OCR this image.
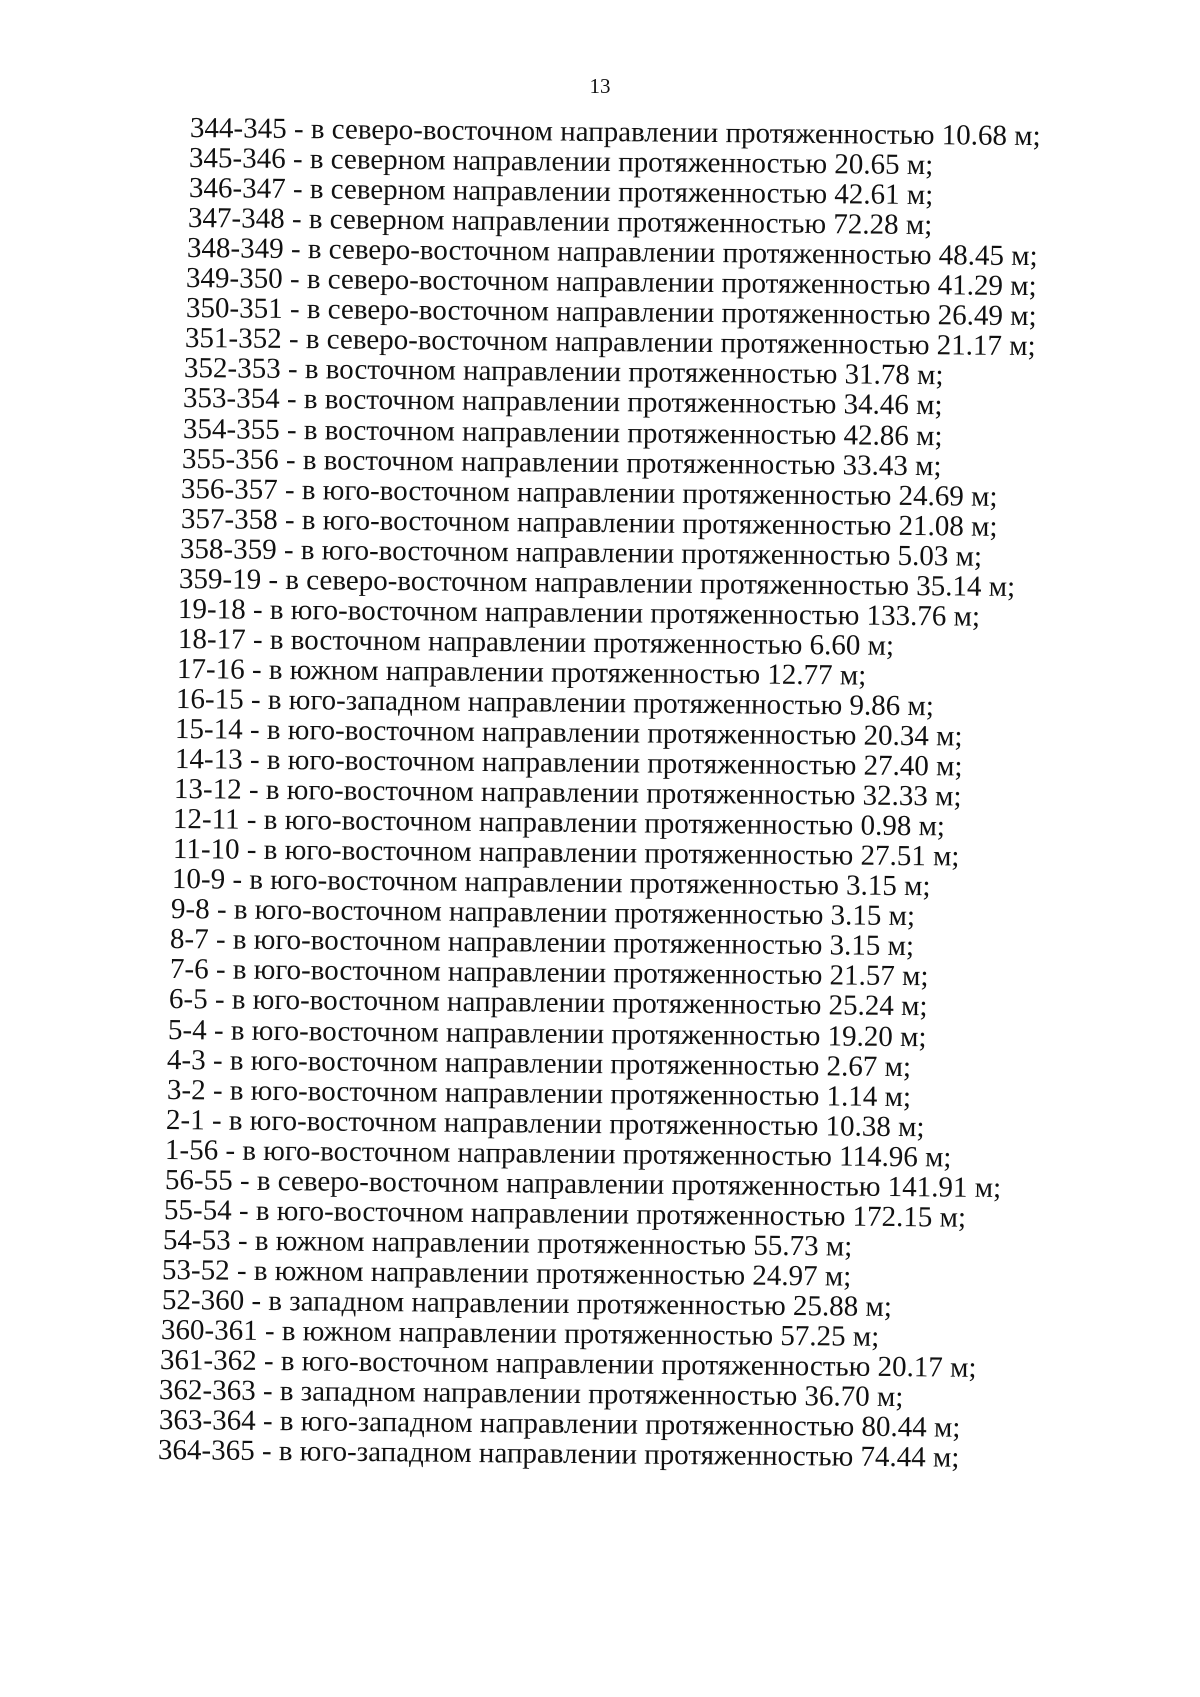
13
344-345 - в северо-восточном направлении протяженностью 10.68 м;
345-346 - в северном направлении протяженностью 20.65 м;
346-347 - в северном направлении протяженностью 42.61 м;
347-348 - в северном направлении протяженностью 72.28 м;
348-349 - в северо-восточном направлении протяженностью 48.45 м;
349-350 - в северо-восточном направлении протяженностью 41.29 м;
350-351 - в северо-восточном направлении протяженностью 26.49 м;
351-352 - в северо-восточном направлении протяженностью 21.17 м;
352-353 - в восточном направлении протяженностью 31.78 м;
353-354 - в восточном направлении протяженностью 34.46 м;
354-355 - в восточном направлении протяженностью 42.86 м;
355-356 - в восточном направлении протяженностью 33.43 м;
356-357 - в юго-восточном направлении протяженностью 24.69 м;
357-358 - в юго-восточном направлении протяженностью 21.08 м;
358-359 - в юго-восточном направлении протяженностью 5.03 м;
359-19 - в северо-восточном направлении протяженностью 35.14 м;
19-18 - в юго-восточном направлении протяженностью 133.76 м;
18-17 - в восточном направлении протяженностью 6.60 м;
17-16 - в южном направлении протяженностью 12.77 м;
16-15 - в юго-западном направлении протяженностью 9.86 м;
15-14 - в юго-восточном направлении протяженностью 20.34 м;
14-13 - в юго-восточном направлении протяженностью 27.40 м;
13-12 - в юго-восточном направлении протяженностью 32.33 м;
12-11 - в юго-восточном направлении протяженностью 0.98 м;
11-10 - в юго-восточном направлении протяженностью 27.51 м;
10-9 - в юго-восточном направлении протяженностью 3.15 м;
9-8 - в юго-восточном направлении протяженностью 3.15 м;
8-7 - в юго-восточном направлении протяженностью 3.15 м;
7-6 - в юго-восточном направлении протяженностью 21.57 м;
6-5 - в юго-восточном направлении протяженностью 25.24 м;
5-4 - в юго-восточном направлении протяженностью 19.20 м;
4-3 - в юго-восточном направлении протяженностью 2.67 м;
3-2 - в юго-восточном направлении протяженностью 1.14 м;
2-1 - в юго-восточном направлении протяженностью 10.38 м;
1-56 - в юго-восточном направлении протяженностью 114.96 м;
56-55 - в северо-восточном направлении протяженностью 141.91 м;
55-54 - в юго-восточном направлении протяженностью 172.15 м;
54-53 - в южном направлении протяженностью 55.73 м;
53-52 - в южном направлении протяженностью 24.97 м;
52-360 - в западном направлении протяженностью 25.88 м;
360-361 - в южном направлении протяженностью 57.25 м;
361-362 - в юго-восточном направлении протяженностью 20.17 м;
362-363 - в западном направлении протяженностью 36.70 м;
363-364 - в юго-западном направлении протяженностью 80.44 м;
364-365 - в юго-западном направлении протяженностью 74.44 м;
